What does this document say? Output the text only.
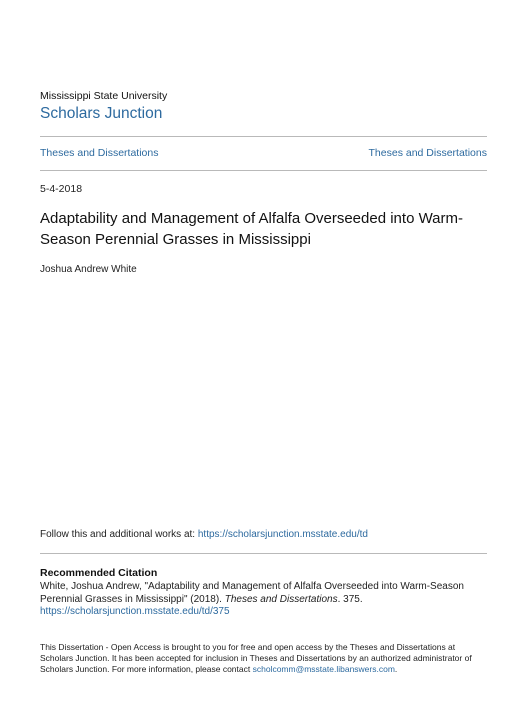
Mississippi State University
Scholars Junction
Theses and Dissertations	Theses and Dissertations
5-4-2018
Adaptability and Management of Alfalfa Overseeded into Warm-
Season Perennial Grasses in Mississippi
Joshua Andrew White
Follow this and additional works at: https://scholarsjunction.msstate.edu/td
Recommended Citation
White, Joshua Andrew, "Adaptability and Management of Alfalfa Overseeded into Warm-Season Perennial Grasses in Mississippi" (2018). Theses and Dissertations. 375.
https://scholarsjunction.msstate.edu/td/375
This Dissertation - Open Access is brought to you for free and open access by the Theses and Dissertations at Scholars Junction. It has been accepted for inclusion in Theses and Dissertations by an authorized administrator of Scholars Junction. For more information, please contact scholcomm@msstate.libanswers.com.
